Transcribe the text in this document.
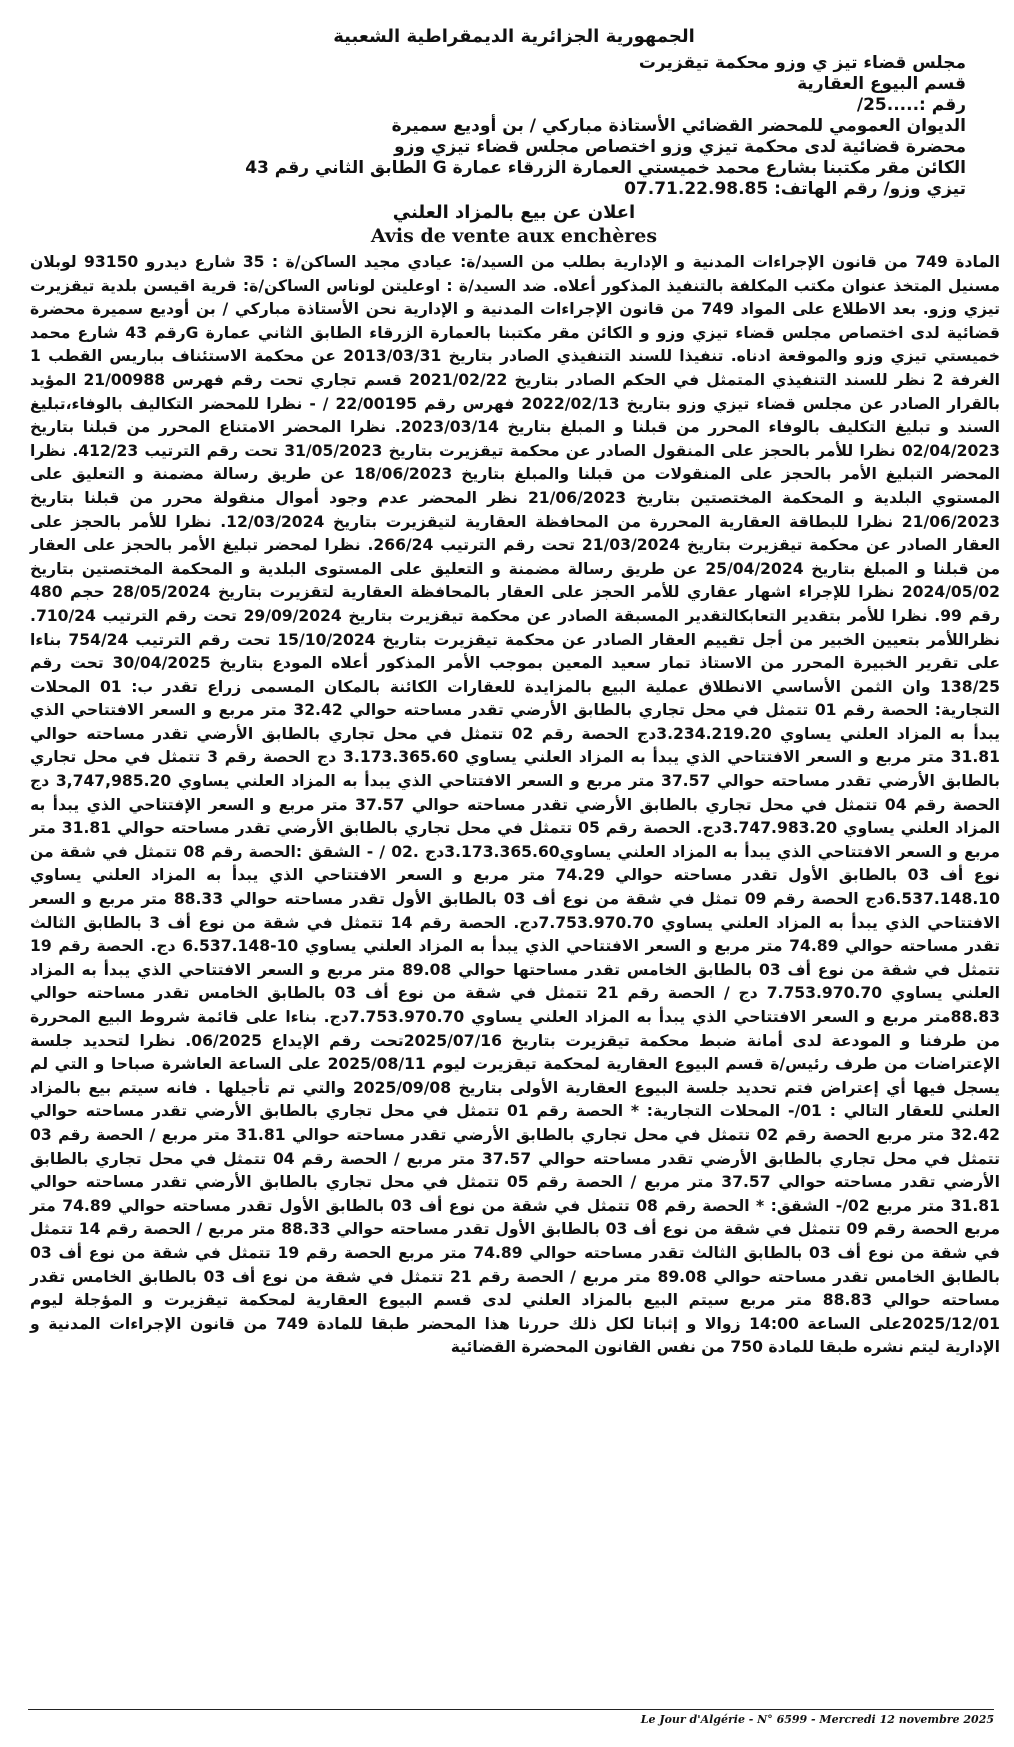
الجمهورية الجزائرية الديمقراطية الشعبية

مجلس قضاء تيز ي وزو محكمة تيقزيرت

قسم البيوع العقارية

رقم :.....25/

الديوان العمومي للمحضر القضائي الأستاذة مباركي / بن أوديع سميرة

محضرة قضائية لدى محكمة تيزي وزو اختصاص مجلس قضاء تيزي وزو

الكائن مقر مكتبنا بشارع محمد خميستي العمارة الزرقاء عمارة G الطابق الثاني رقم 43

تيزي وزو/ رقم الهاتف: 07.71.22.98.85

اعلان عن بيع بالمزاد العلني

Avis de vente aux enchères

المادة 749 من قانون الإجراءات المدنية و الإدارية بطلب من السيد/ة: عيادي مجيد الساكن/ة : 35 شارع ديدرو 93150 لوبلان مسنيل المتخذ عنوان مكتب المكلفة بالتنفيذ المذكور أعلاه. ضد السيد/ة : اوعليتن لوناس الساكن/ة: قرية اقيسن بلدية تيقزيرت تيزي وزو. بعد الاطلاع على المواد 749 من قانون الإجراءات المدنية و الإدارية نحن الأستاذة مباركي / بن أوديع سميرة محضرة قضائية لدى اختصاص مجلس قضاء تيزي وزو و الكائن مقر مكتبنا بالعمارة الزرقاء الطابق الثاني عمارة Gرقم 43 شارع محمد خميستي تيزي وزو والموقعة ادناه. تنفيذا للسند التنفيذي الصادر بتاريخ 2013/03/31 عن محكمة الاستئناف بباريس القطب 1 الغرفة 2 نظر للسند التنفيذي المتمثل في الحكم الصادر بتاريخ 2021/02/22 قسم تجاري تحت رقم فهرس 21/00988 المؤيد بالقرار الصادر عن مجلس قضاء تيزي وزو بتاريخ 2022/02/13 فهرس رقم 22/00195 / - نظرا للمحضر التكاليف بالوفاء،تبليغ السند و تبليغ التكليف بالوفاء المحرر من قبلنا و المبلغ بتاريخ 2023/03/14. نظرا المحضر الامتناع المحرر من قبلنا بتاريخ 02/04/2023 نظرا للأمر بالحجز على المنقول الصادر عن محكمة تيقزيرت بتاريخ 31/05/2023 تحت رقم الترتيب 412/23. نظرا المحضر التبليغ الأمر بالحجز على المنقولات من قبلنا والمبلغ بتاريخ 18/06/2023 عن طريق رسالة مضمنة و التعليق على المستوي البلدية و المحكمة المختصتين بتاريخ 21/06/2023 نظر المحضر عدم وجود أموال منقولة محرر من قبلنا بتاريخ 21/06/2023 نظرا للبطاقة العقارية المحررة من المحافظة العقارية لتيقزيرت بتاريخ 12/03/2024. نظرا للأمر بالحجز على العقار الصادر عن محكمة تيقزيرت بتاريخ 21/03/2024 تحت رقم الترتيب 266/24. نظرا لمحضر تبليغ الأمر بالحجز على العقار من قبلنا و المبلغ بتاريخ 25/04/2024 عن طريق رسالة مضمنة و التعليق على المستوى البلدية و المحكمة المختصتين بتاريخ 2024/05/02 نظرا للإجراء اشهار عقاري للأمر الحجز على العقار بالمحافظة العقارية لتقزيرت بتاريخ 28/05/2024 حجم 480 رقم 99. نظرا للأمر بتقدير التعابكالتقدير المسبقة الصادر عن محكمة تيقزيرت بتاريخ 29/09/2024 تحت رقم الترتيب 710/24. نظراللأمر بتعيين الخبير من أجل تقييم العقار الصادر عن محكمة تيقزيرت بتاريخ 15/10/2024 تحت رقم الترتيب 754/24 بناءا على تقرير الخبيرة المحرر من الاستاذ تمار سعيد المعين بموجب الأمر المذكور أعلاه المودع بتاريخ 30/04/2025 تحت رقم 138/25 وان الثمن الأساسي الانطلاق عملية البيع بالمزايدة للعقارات الكائنة بالمكان المسمى زراع تقدر ب: 01 المحلات التجارية: الحصة رقم 01 تتمثل في محل تجاري بالطابق الأرضي تقدر مساحته حوالي 32.42 متر مربع و السعر الافتتاحي الذي يبدأ به المزاد العلني يساوي 3.234.219.20دج الحصة رقم 02 تتمثل في محل تجاري بالطابق الأرضي تقدر مساحته حوالي 31.81 متر مربع و السعر الافتتاحي الذي يبدأ به المزاد العلني يساوي 3.173.365.60 دج الحصة رقم 3 تتمثل في محل تجاري بالطابق الأرضي تقدر مساحته حوالي 37.57 متر مربع و السعر الافتتاحي الذي يبدأ به المزاد العلني يساوي 3,747,985.20 دج الحصة رقم 04 تتمثل في محل تجاري بالطابق الأرضي تقدر مساحته حوالي 37.57 متر مربع و السعر الإفتتاحي الذي يبدأ به المزاد العلني يساوي 3.747.983.20دج. الحصة رقم 05 تتمثل في محل تجاري بالطابق الأرضي تقدر مساحته حوالي 31.81 متر مربع و السعر الافتتاحي الذي يبدأ به المزاد العلني يساوي3.173.365.60دج .02 / - الشقق :الحصة رقم 08 تتمثل في شقة من نوع أف 03 بالطابق الأول تقدر مساحته حوالي 74.29 متر مربع و السعر الافتتاحي الذي يبدأ به المزاد العلني يساوي 6.537.148.10دج الحصة رقم 09 تمثل في شقة من نوع أف 03 بالطابق الأول تقدر مساحته حوالي 88.33 متر مربع و السعر الافتتاحي الذي يبدأ به المزاد العلني يساوي 7.753.970.70دج. الحصة رقم 14 تتمثل في شقة من نوع أف 3 بالطابق الثالث تقدر مساحته حوالي 74.89 متر مربع و السعر الافتتاحي الذي يبدأ به المزاد العلني يساوي 10-6.537.148 دج. الحصة رقم 19 تتمثل في شقة من نوع أف 03 بالطابق الخامس تقدر مساحتها حوالي 89.08 متر مربع و السعر الافتتاحي الذي يبدأ به المزاد العلني يساوي 7.753.970.70 دج / الحصة رقم 21 تتمثل في شقة من نوع أف 03 بالطابق الخامس تقدر مساحته حوالي 88.83متر مربع و السعر الافتتاحي الذي يبدأ به المزاد العلني يساوي 7.753.970.70دج. بناءا على قائمة شروط البيع المحررة من طرفنا و المودعة لدى أمانة ضبط محكمة تيقزيرت بتاريخ 2025/07/16تحت رقم الإيداع 06/2025. نظرا لتحديد جلسة الإعتراضات من طرف رئيس/ة قسم البيوع العقارية لمحكمة تيقزيرت ليوم 2025/08/11 على الساعة العاشرة صباحا و التي لم يسجل فيها أي إعتراض فتم تحديد جلسة البيوع العقارية الأولى بتاريخ 2025/09/08 والتي تم تأجيلها . فانه سيتم بيع بالمزاد العلني للعقار التالي : 01/- المحلات التجارية: * الحصة رقم 01 تتمثل في محل تجاري بالطابق الأرضي تقدر مساحته حوالي 32.42 متر مربع الحصة رقم 02 تتمثل في محل تجاري بالطابق الأرضي تقدر مساحته حوالي 31.81 متر مربع / الحصة رقم 03 تتمثل في محل تجاري بالطابق الأرضي تقدر مساحته حوالي 37.57 متر مربع / الحصة رقم 04 تتمثل في محل تجاري بالطابق الأرضي تقدر مساحته حوالي 37.57 متر مربع / الحصة رقم 05 تتمثل في محل تجاري بالطابق الأرضي تقدر مساحته حوالي 31.81 متر مربع 02/- الشقق: * الحصة رقم 08 تتمثل في شقة من نوع أف 03 بالطابق الأول تقدر مساحته حوالي 74.89 متر مربع الحصة رقم 09 تتمثل في شقة من نوع أف 03 بالطابق الأول تقدر مساحته حوالي 88.33 متر مربع / الحصة رقم 14 تتمثل في شقة من نوع أف 03 بالطابق الثالث تقدر مساحته حوالي 74.89 متر مربع الحصة رقم 19 تتمثل في شقة من نوع أف 03 بالطابق الخامس تقدر مساحته حوالي 89.08 متر مربع / الحصة رقم 21 تتمثل في شقة من نوع أف 03 بالطابق الخامس تقدر مساحته حوالي 88.83 متر مربع سيتم البيع بالمزاد العلني لدى قسم البيوع العقارية لمحكمة تيقزيرت و المؤجلة ليوم 2025/12/01على الساعة 14:00 زوالا و إثباتا لكل ذلك حررنا هذا المحضر طبقا للمادة 749 من قانون الإجراءات المدنية و الإدارية ليتم نشره طبقا للمادة 750 من نفس القانون المحضرة القضائية

Le Jour d'Algérie - N° 6599 - Mercredi 12 novembre 2025
